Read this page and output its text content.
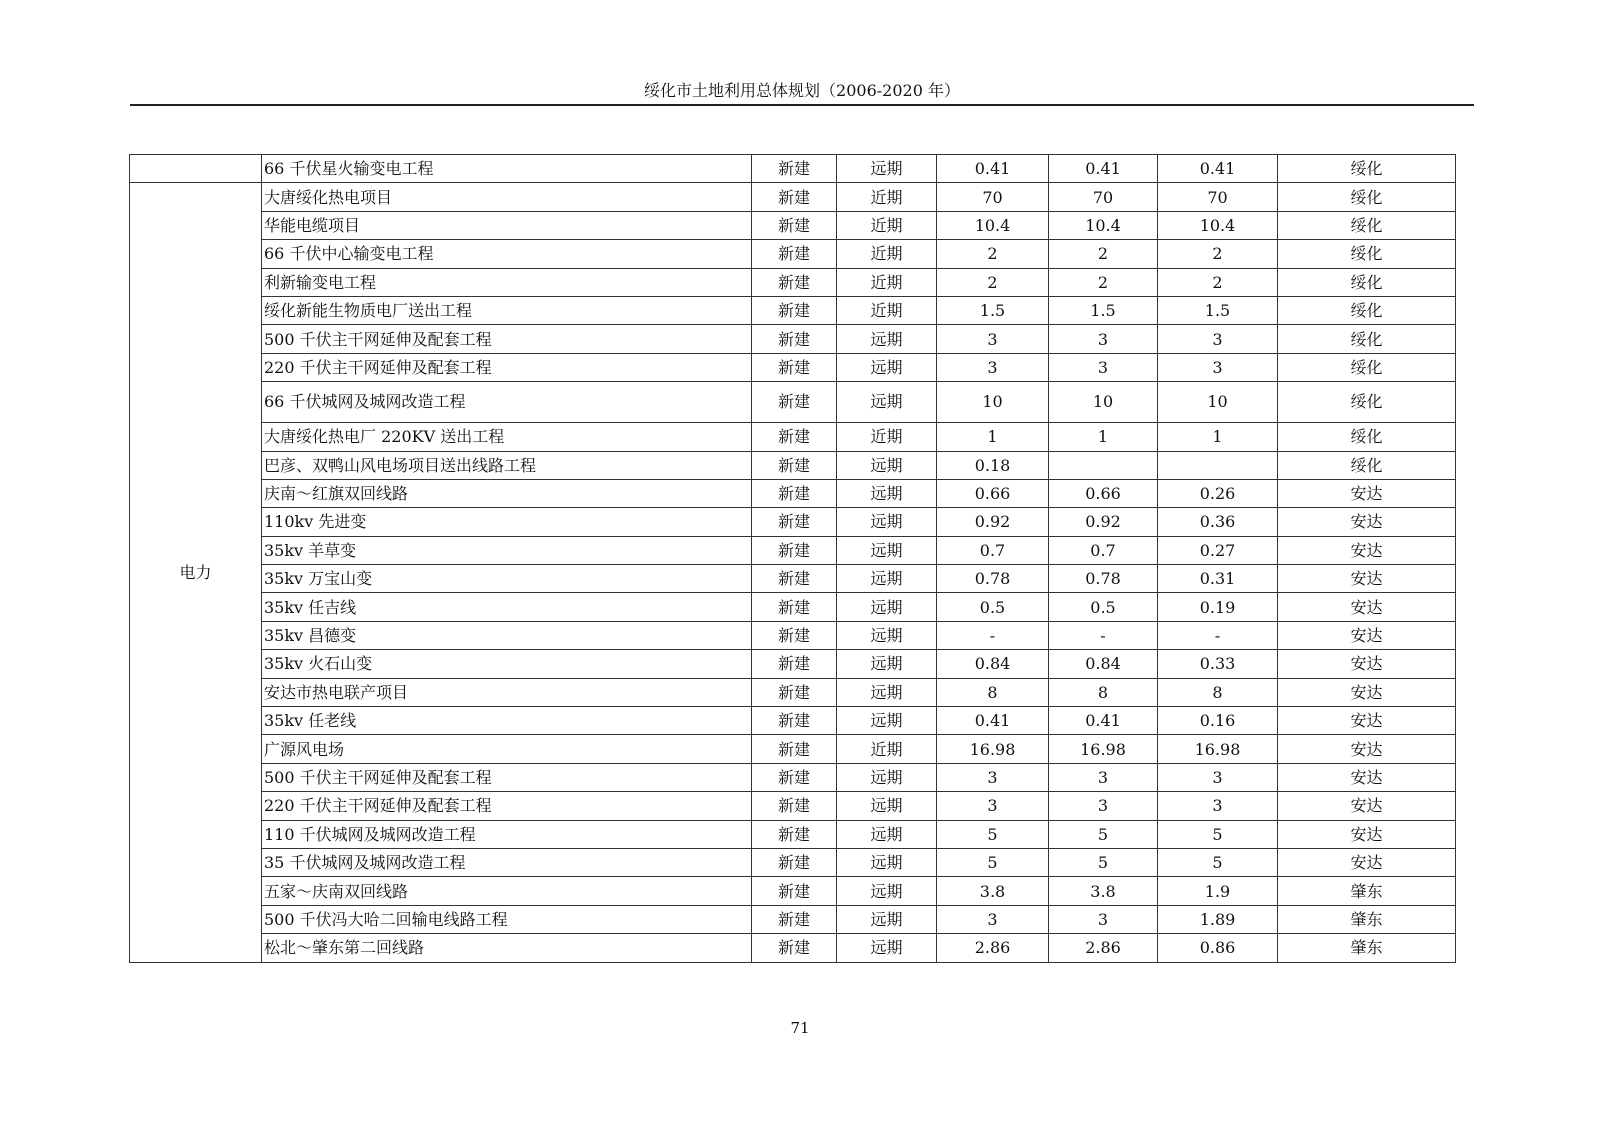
绥化市土地利用总体规划（2006-2020 年）
	66 千伏星火输变电工程	新建	远期	0.41	0.41	0.41	绥化
电力	大唐绥化热电项目	新建	近期	70	70	70	绥化
	华能电缆项目	新建	近期	10.4	10.4	10.4	绥化
	66 千伏中心输变电工程	新建	近期	2	2	2	绥化
	利新输变电工程	新建	近期	2	2	2	绥化
	绥化新能生物质电厂送出工程	新建	近期	1.5	1.5	1.5	绥化
	500 千伏主干网延伸及配套工程	新建	远期	3	3	3	绥化
	220 千伏主干网延伸及配套工程	新建	远期	3	3	3	绥化
	66 千伏城网及城网改造工程	新建	远期	10	10	10	绥化
	大唐绥化热电厂 220KV 送出工程	新建	近期	1	1	1	绥化
	巴彦、双鸭山风电场项目送出线路工程	新建	远期	0.18			绥化
	庆南～红旗双回线路	新建	远期	0.66	0.66	0.26	安达
	110kv 先进变	新建	远期	0.92	0.92	0.36	安达
	35kv 羊草变	新建	远期	0.7	0.7	0.27	安达
	35kv 万宝山变	新建	远期	0.78	0.78	0.31	安达
	35kv 任吉线	新建	远期	0.5	0.5	0.19	安达
	35kv 昌德变	新建	远期	-	-	-	安达
	35kv 火石山变	新建	远期	0.84	0.84	0.33	安达
	安达市热电联产项目	新建	远期	8	8	8	安达
	35kv 任老线	新建	远期	0.41	0.41	0.16	安达
	广源风电场	新建	近期	16.98	16.98	16.98	安达
	500 千伏主干网延伸及配套工程	新建	远期	3	3	3	安达
	220 千伏主干网延伸及配套工程	新建	远期	3	3	3	安达
	110 千伏城网及城网改造工程	新建	远期	5	5	5	安达
	35 千伏城网及城网改造工程	新建	远期	5	5	5	安达
	五家～庆南双回线路	新建	远期	3.8	3.8	1.9	肇东
	500 千伏冯大哈二回输电线路工程	新建	远期	3	3	1.89	肇东
	松北～肇东第二回线路	新建	远期	2.86	2.86	0.86	肇东
71
